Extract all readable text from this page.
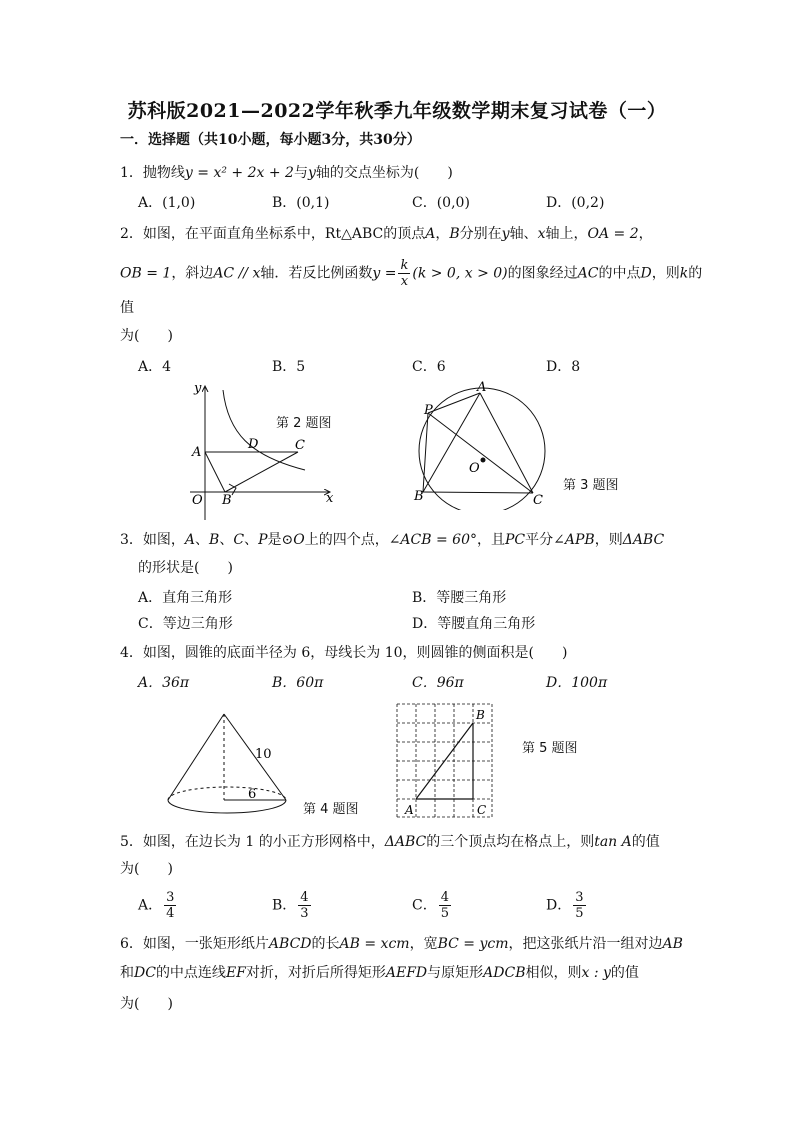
苏科版2021—2022学年秋季九年级数学期末复习试卷（一）
一．选择题（共10小题，每小题3分，共30分）
1．抛物线y = x² + 2x + 2与y轴的交点坐标为(　　)
A．(1,0)	B．(0,1)	C．(0,0)	D．(0,2)
2．如图，在平面直角坐标系中，Rt△ABC的顶点A，B分别在y轴、x轴上，OA = 2，
OB = 1，斜边AC // x轴．若反比例函数$y = \frac{k}{x} (k > 0$, x > 0)的图象经过AC的中点D，则k的
值
为(　　)
A．4	B．5	C．6	D．8
y
x
A
B
C
D
O
第 2 题图
P
A
B	C
O
第 3 题图
3．如图，A、B、C、P是⊙O上的四个点，∠ACB = 60°，且PC平分∠APB，则ΔABC
的形状是(　　)
A．直角三角形	B．等腰三角形
C．等边三角形	D．等腰直角三角形
4．如图，圆锥的底面半径为 6，母线长为 10，则圆锥的侧面积是(　　)
A．36π	B．60π	C．96π	D．100π
10
6
第 4 题图	A
B
C
第 5 题图
5．如图，在边长为 1 的小正方形网格中，ΔABC的三个顶点均在格点上，则tan A的值
为(　　)
A． $\frac{3}{4}$	B． $\frac{4}{3}$	C． $\frac{4}{5}$	D． $\frac{3}{5}$
6．如图，一张矩形纸片ABCD的长AB = xcm，宽BC = ycm，把这张纸片沿一组对边AB
和DC的中点连线EF对折，对折后所得矩形AEFD与原矩形ADCB相似，则x : y的值
为(　　)
